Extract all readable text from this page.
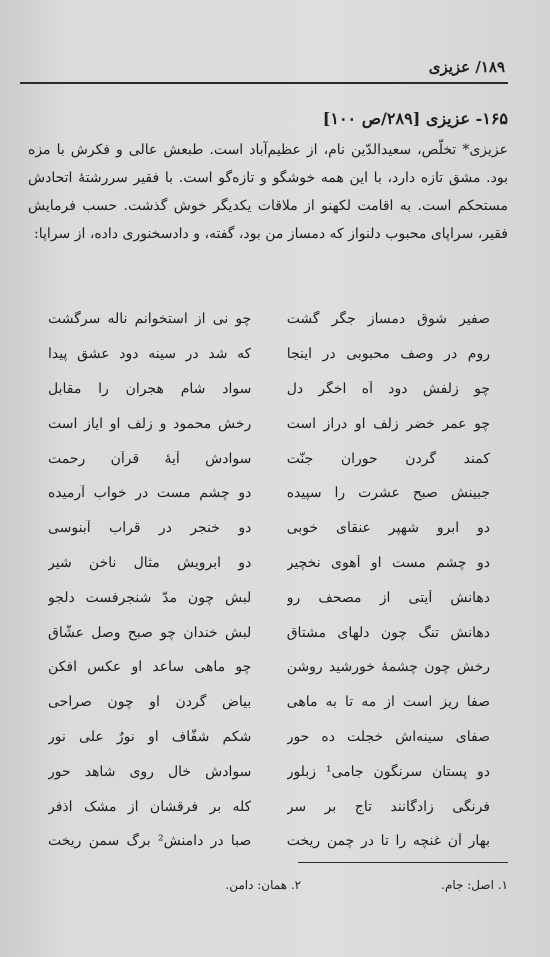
۱۸۹/ عزیزی
۱۶۵- عزیزی [۲۸۹/ص ۱۰۰]
عزیزی* تخلّص، سعیدالدّین نام، از عظیم‌آباد است. طبعش عالی و فکرش با مزه بود. مشق تازه دارد، با این همه خوشگو و تازه‌گو است. با فقیر سررشتهٔ اتحادش مستحکم است. به اقامت لکهنو از ملاقات یکدیگر خوش گذشت. حسب فرمایش فقیر، سراپای محبوب دلنواز که دمساز من بود، گفته، و دادسخنوری داده، از سراپا:
صفیر شوق دمساز جگر گشت
چو نی از استخوانم ناله سرگشت
روم در وصف محبوبی در اینجا
که شد در سینه دود عشق پیدا
چو زلفش دود آه اخگر دل
سواد شام هجران را مقابل
چو عمر خضر زلف او دراز است
رخش محمود و زلف او ایاز است
کمند گردن حوران جنّت
سوادش آیهٔ قرآن رحمت
جبینش صبح عشرت را سپیده
دو چشم مست در خواب آرمیده
دو ابرو شهپر عنقای خوبی
دو خنجر در قراب آبنوسی
دو چشم مست او آهوی نخچیر
دو ابرویش مثال ناخن شیر
دهانش آیتی از مصحف رو
لبش چون مدّ شنجرفست دلجو
دهانش تنگ چون دلهای مشتاق
لبش خندان چو صبح وصل عشّاق
رخش چون چشمهٔ خورشید روشن
چو ماهی ساعد او عکس افکن
صفا ریز است از مه تا به ماهی
بیاض گردن او چون صراحی
صفای سینه‌اش خجلت ده حور
شکم شفّاف او نورٌ علی نور
دو پستان سرنگون جامی¹ زبلور
سوادش خال روی شاهد حور
فرنگی زادگانند تاج بر سر
کله بر فرقشان از مشک اذفر
بهار آن غنچه را تا در چمن ریخت
صبا در دامنش² برگ سمن ریخت
۱. اصل: جام.
۲. همان: دامن.
